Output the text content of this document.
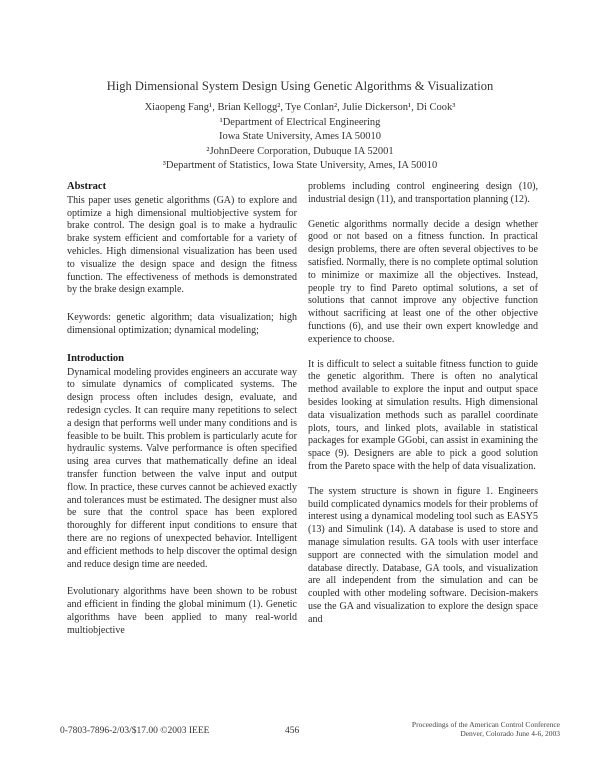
High Dimensional System Design Using Genetic Algorithms & Visualization
Xiaopeng Fang¹, Brian Kellogg², Tye Conlan², Julie Dickerson¹, Di Cook³
¹Department of Electrical Engineering
Iowa State University, Ames IA 50010
²JohnDeere Corporation, Dubuque IA 52001
³Department of Statistics, Iowa State University, Ames, IA 50010
Abstract

This paper uses genetic algorithms (GA) to explore and optimize a high dimensional multiobjective system for brake control. The design goal is to make a hydraulic brake system efficient and comfortable for a variety of vehicles. High dimensional visualization has been used to visualize the design space and design the fitness function. The effectiveness of methods is demonstrated by the brake design example.

Keywords: genetic algorithm; data visualization; high dimensional optimization; dynamical modeling;

Introduction

Dynamical modeling provides engineers an accurate way to simulate dynamics of complicated systems. The design process often includes design, evaluate, and redesign cycles. It can require many repetitions to select a design that performs well under many conditions and is feasible to be built. This problem is particularly acute for hydraulic systems. Valve performance is often specified using area curves that mathematically define an ideal transfer function between the valve input and output flow. In practice, these curves cannot be achieved exactly and tolerances must be estimated. The designer must also be sure that the control space has been explored thoroughly for different input conditions to ensure that there are no regions of unexpected behavior. Intelligent and efficient methods to help discover the optimal design and reduce design time are needed.

Evolutionary algorithms have been shown to be robust and efficient in finding the global minimum (1). Genetic algorithms have been applied to many real-world multiobjective

problems including control engineering design (10), industrial design (11), and transportation planning (12).

Genetic algorithms normally decide a design whether good or not based on a fitness function. In practical design problems, there are often several objectives to be satisfied. Normally, there is no complete optimal solution to minimize or maximize all the objectives. Instead, people try to find Pareto optimal solutions, a set of solutions that cannot improve any objective function without sacrificing at least one of the other objective functions (6), and use their own expert knowledge and experience to choose.

It is difficult to select a suitable fitness function to guide the genetic algorithm. There is often no analytical method available to explore the input and output space besides looking at simulation results. High dimensional data visualization methods such as parallel coordinate plots, tours, and linked plots, available in statistical packages for example GGobi, can assist in examining the space (9). Designers are able to pick a good solution from the Pareto space with the help of data visualization.

The system structure is shown in figure 1. Engineers build complicated dynamics models for their problems of interest using a dynamical modeling tool such as EASY5 (13) and Simulink (14). A database is used to store and manage simulation results. GA tools with user interface support are connected with the simulation model and database directly. Database, GA tools, and visualization are all independent from the simulation and can be coupled with other modeling software. Decision-makers use the GA and visualization to explore the design space and

0-7803-7896-2/03/$17.00 ©2003 IEEE	456
Proceedings of the American Control Conference
Denver, Colorado June 4-6, 2003
